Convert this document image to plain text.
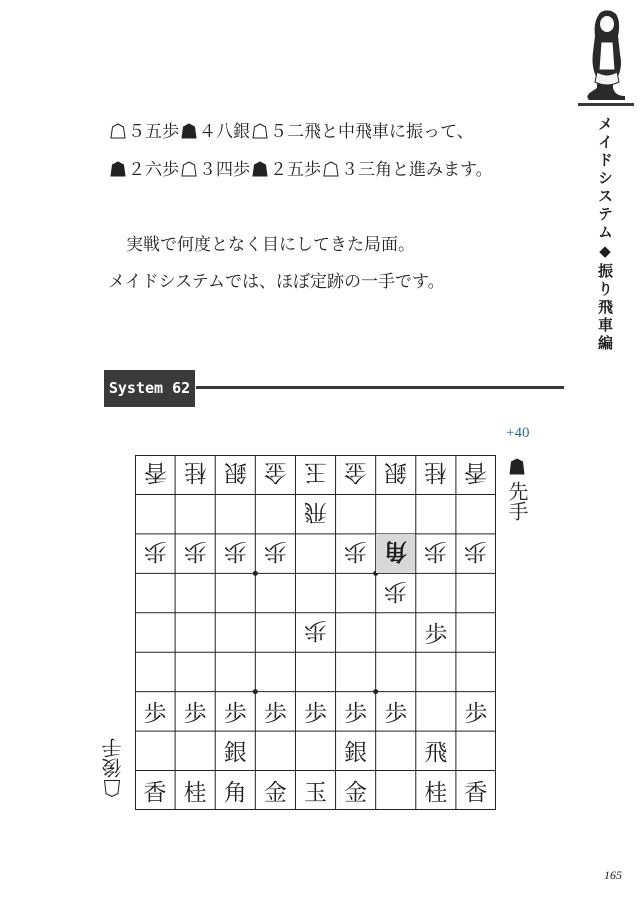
メイドシステム◆振り飛車編
５五歩 ４八銀 ５二飛と中飛車に振って、
２六歩 ３四歩 ２五歩 ３三角と進みます。
実戦で何度となく目にしてきた局面。
メイドシステムでは、ほぼ定跡の一手です。
System 62
+40
先手
後手
香 桂 銀 金 玉 金 銀 桂 香
飛
歩 歩 歩 歩 歩 角 歩 歩
歩
歩	歩
歩 歩 歩 歩 歩 歩 歩 歩
銀	銀 飛
香 桂 角 金 玉 金 桂 香
165
